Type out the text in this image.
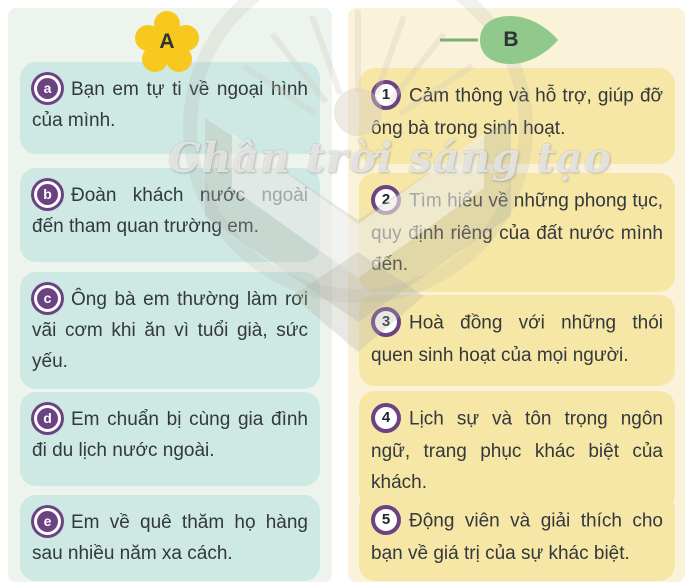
A	B

a Bạn em tự ti về ngoại hình của mình.

b Đoàn khách nước ngoài đến tham quan trường em.

c Ông bà em thường làm rơi vãi cơm khi ăn vì tuổi già, sức yếu.

d Em chuẩn bị cùng gia đình đi du lịch nước ngoài.

e Em về quê thăm họ hàng sau nhiều năm xa cách.

1 Cảm thông và hỗ trợ, giúp đỡ ông bà trong sinh hoạt.

2 Tìm hiểu về những phong tục, quy định riêng của đất nước mình đến.

3 Hoà đồng với những thói quen sinh hoạt của mọi người.

4 Lịch sự và tôn trọng ngôn ngữ, trang phục khác biệt của khách.

5 Động viên và giải thích cho bạn về giá trị của sự khác biệt.

Chân trời sáng tạo
